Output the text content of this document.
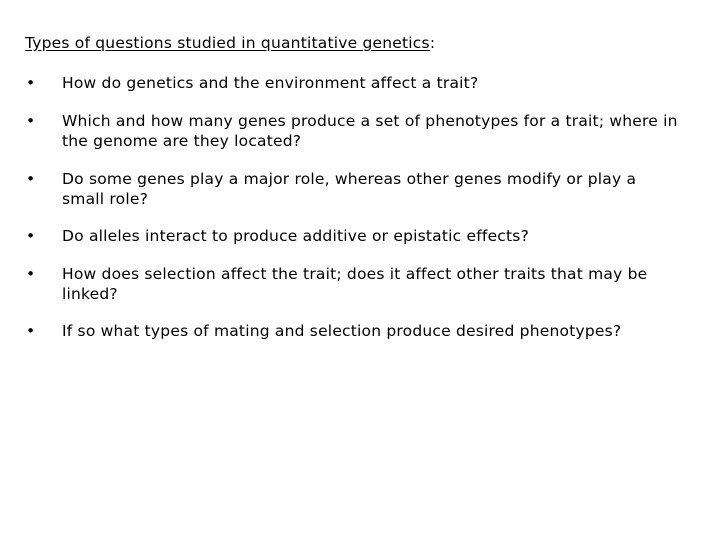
Types of questions studied in quantitative genetics:
• How do genetics and the environment affect a trait?
• Which and how many genes produce a set of phenotypes for a trait; where in the genome are they located?
• Do some genes play a major role, whereas other genes modify or play a small role?
• Do alleles interact to produce additive or epistatic effects?
• How does selection affect the trait; does it affect other traits that may be linked?
• If so what types of mating and selection produce desired phenotypes?
